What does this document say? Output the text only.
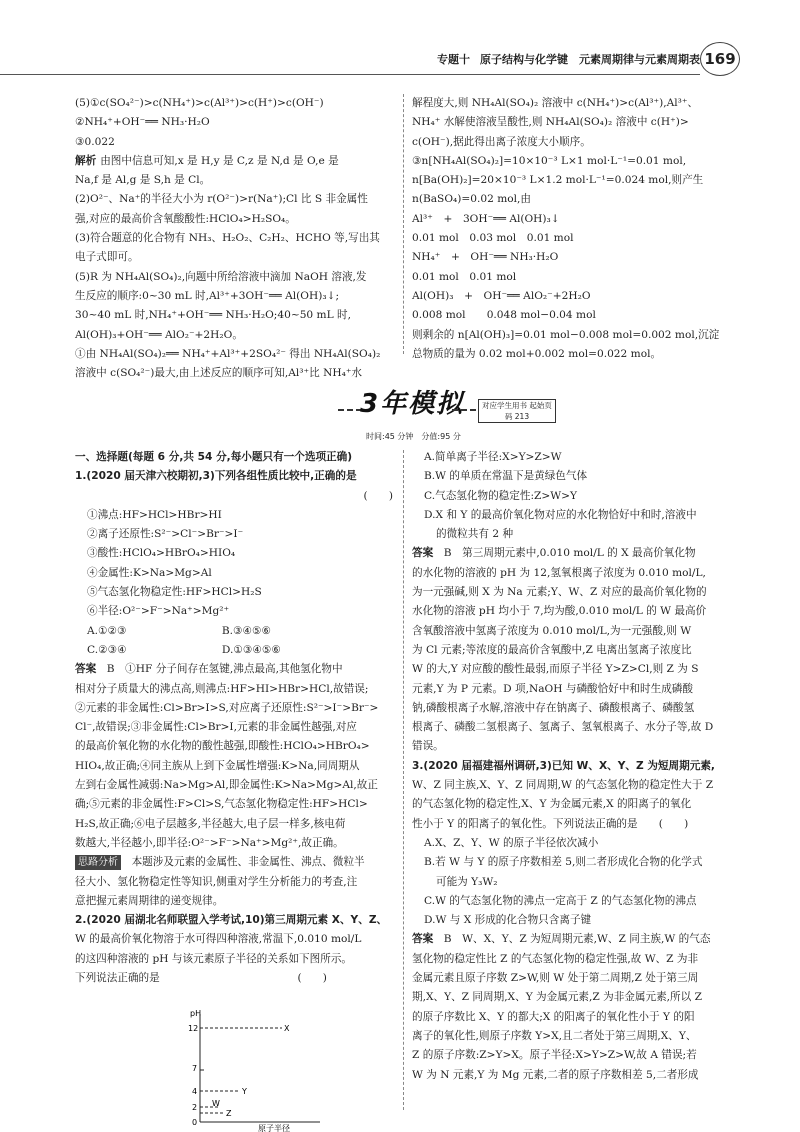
专题十 原子结构与化学键　元素周期律与元素周期表 169

(5)①c(SO₄²⁻)>c(NH₄⁺)>c(Al³⁺)>c(H⁺)>c(OH⁻)

②NH₄⁺+OH⁻══ NH₃·H₂O

③0.022

解析 由图中信息可知,x 是 H,y 是 C,z 是 N,d 是 O,e 是

Na,f 是 Al,g 是 S,h 是 Cl。

(2)O²⁻、Na⁺的半径大小为 r(O²⁻)>r(Na⁺);Cl 比 S 非金属性

强,对应的最高价含氧酸酸性:HClO₄>H₂SO₄。

(3)符合题意的化合物有 NH₃、H₂O₂、C₂H₂、HCHO 等,写出其

电子式即可。

(5)R 为 NH₄Al(SO₄)₂,向题中所给溶液中滴加 NaOH 溶液,发

生反应的顺序:0~30 mL 时,Al³⁺+3OH⁻══ Al(OH)₃↓;

30~40 mL 时,NH₄⁺+OH⁻══ NH₃·H₂O;40~50 mL 时,

Al(OH)₃+OH⁻══ AlO₂⁻+2H₂O。

①由 NH₄Al(SO₄)₂══ NH₄⁺+Al³⁺+2SO₄²⁻ 得出 NH₄Al(SO₄)₂

溶液中 c(SO₄²⁻)最大,由上述反应的顺序可知,Al³⁺比 NH₄⁺水

解程度大,则 NH₄Al(SO₄)₂ 溶液中 c(NH₄⁺)>c(Al³⁺),Al³⁺、

NH₄⁺ 水解使溶液呈酸性,则 NH₄Al(SO₄)₂ 溶液中 c(H⁺)>

c(OH⁻),据此得出离子浓度大小顺序。

③n[NH₄Al(SO₄)₂]=10×10⁻³ L×1 mol·L⁻¹=0.01 mol,

n[Ba(OH)₂]=20×10⁻³ L×1.2 mol·L⁻¹=0.024 mol,则产生

n(BaSO₄)=0.02 mol,由

Al³⁺　+　3OH⁻══ Al(OH)₃↓

0.01 mol　0.03 mol　0.01 mol

NH₄⁺　+　OH⁻══ NH₃·H₂O

0.01 mol　0.01 mol

Al(OH)₃　+　OH⁻══ AlO₂⁻+2H₂O

0.008 mol　　0.048 mol−0.04 mol

则剩余的 n[Al(OH)₃]=0.01 mol−0.008 mol=0.002 mol,沉淀

总物质的量为 0.02 mol+0.002 mol=0.022 mol。

3年模拟	对应学生用书 起始页码 213
时间:45 分钟　分值:95 分

一、选择题(每题 6 分,共 54 分,每小题只有一个选项正确)

1.(2020 届天津六校期初,3)下列各组性质比较中,正确的是

(　　)

①沸点:HF>HCl>HBr>HI

②离子还原性:S²⁻>Cl⁻>Br⁻>I⁻

③酸性:HClO₄>HBrO₄>HIO₄

④金属性:K>Na>Mg>Al

⑤气态氢化物稳定性:HF>HCl>H₂S

⑥半径:O²⁻>F⁻>Na⁺>Mg²⁺

A.①②③　　　　　　　　　B.③④⑤⑥

C.②③④　　　　　　　　　D.①③④⑤⑥

答案　B　①HF 分子间存在氢键,沸点最高,其他氢化物中

相对分子质量大的沸点高,则沸点:HF>HI>HBr>HCl,故错误;

②元素的非金属性:Cl>Br>I>S,对应离子还原性:S²⁻>I⁻>Br⁻>

Cl⁻,故错误;③非金属性:Cl>Br>I,元素的非金属性越强,对应

的最高价氧化物的水化物的酸性越强,即酸性:HClO₄>HBrO₄>

HIO₄,故正确;④同主族从上到下金属性增强:K>Na,同周期从

左到右金属性减弱:Na>Mg>Al,即金属性:K>Na>Mg>Al,故正

确;⑤元素的非金属性:F>Cl>S,气态氢化物稳定性:HF>HCl>

H₂S,故正确;⑥电子层越多,半径越大,电子层一样多,核电荷

数越大,半径越小,即半径:O²⁻>F⁻>Na⁺>Mg²⁺,故正确。

思路分析　本题涉及元素的金属性、非金属性、沸点、微粒半

径大小、氢化物稳定性等知识,侧重对学生分析能力的考查,注

意把握元素周期律的递变规律。

2.(2020 届湖北名师联盟入学考试,10)第三周期元素 X、Y、Z、

W 的最高价氧化物溶于水可得四种溶液,常温下,0.010 mol/L

的这四种溶液的 pH 与该元素原子半径的关系如下图所示。

下列说法正确的是　　　　　　　　　　　　　(　　)

A.简单离子半径:X>Y>Z>W

B.W 的单质在常温下是黄绿色气体

C.气态氢化物的稳定性:Z>W>Y

D.X 和 Y 的最高价氧化物对应的水化物恰好中和时,溶液中

的微粒共有 2 种

答案　B　第三周期元素中,0.010 mol/L 的 X 最高价氧化物

的水化物的溶液的 pH 为 12,氢氧根离子浓度为 0.010 mol/L,

为一元强碱,则 X 为 Na 元素;Y、W、Z 对应的最高价氧化物的

水化物的溶液 pH 均小于 7,均为酸,0.010 mol/L 的 W 最高价

含氧酸溶液中氢离子浓度为 0.010 mol/L,为一元强酸,则 W

为 Cl 元素;等浓度的最高价含氧酸中,Z 电离出氢离子浓度比

W 的大,Y 对应酸的酸性最弱,而原子半径 Y>Z>Cl,则 Z 为 S

元素,Y 为 P 元素。D 项,NaOH 与磷酸恰好中和时生成磷酸

钠,磷酸根离子水解,溶液中存在钠离子、磷酸根离子、磷酸氢

根离子、磷酸二氢根离子、氢离子、氢氧根离子、水分子等,故 D

错误。

3.(2020 届福建福州调研,3)已知 W、X、Y、Z 为短周期元素,

W、Z 同主族,X、Y、Z 同周期,W 的气态氢化物的稳定性大于 Z

的气态氢化物的稳定性,X、Y 为金属元素,X 的阳离子的氧化

性小于 Y 的阳离子的氧化性。下列说法正确的是　　(　　)

A.X、Z、Y、W 的原子半径依次减小

B.若 W 与 Y 的原子序数相差 5,则二者形成化合物的化学式

可能为 Y₃W₂

C.W 的气态氢化物的沸点一定高于 Z 的气态氢化物的沸点

D.W 与 X 形成的化合物只含离子键

答案　B　W、X、Y、Z 为短周期元素,W、Z 同主族,W 的气态

氢化物的稳定性比 Z 的气态氢化物的稳定性强,故 W、Z 为非

金属元素且原子序数 Z>W,则 W 处于第二周期,Z 处于第三周

期,X、Y、Z 同周期,X、Y 为金属元素,Z 为非金属元素,所以 Z

的原子序数比 X、Y 的都大;X 的阳离子的氧化性小于 Y 的阳

离子的氧化性,则原子序数 Y>X,且二者处于第三周期,X、Y、

Z 的原子序数:Z>Y>X。原子半径:X>Y>Z>W,故 A 错误;若

W 为 N 元素,Y 为 Mg 元素,二者的原子序数相差 5,二者形成

pH
原子半径
12
7
4
2
0
X
Y
W
Z
